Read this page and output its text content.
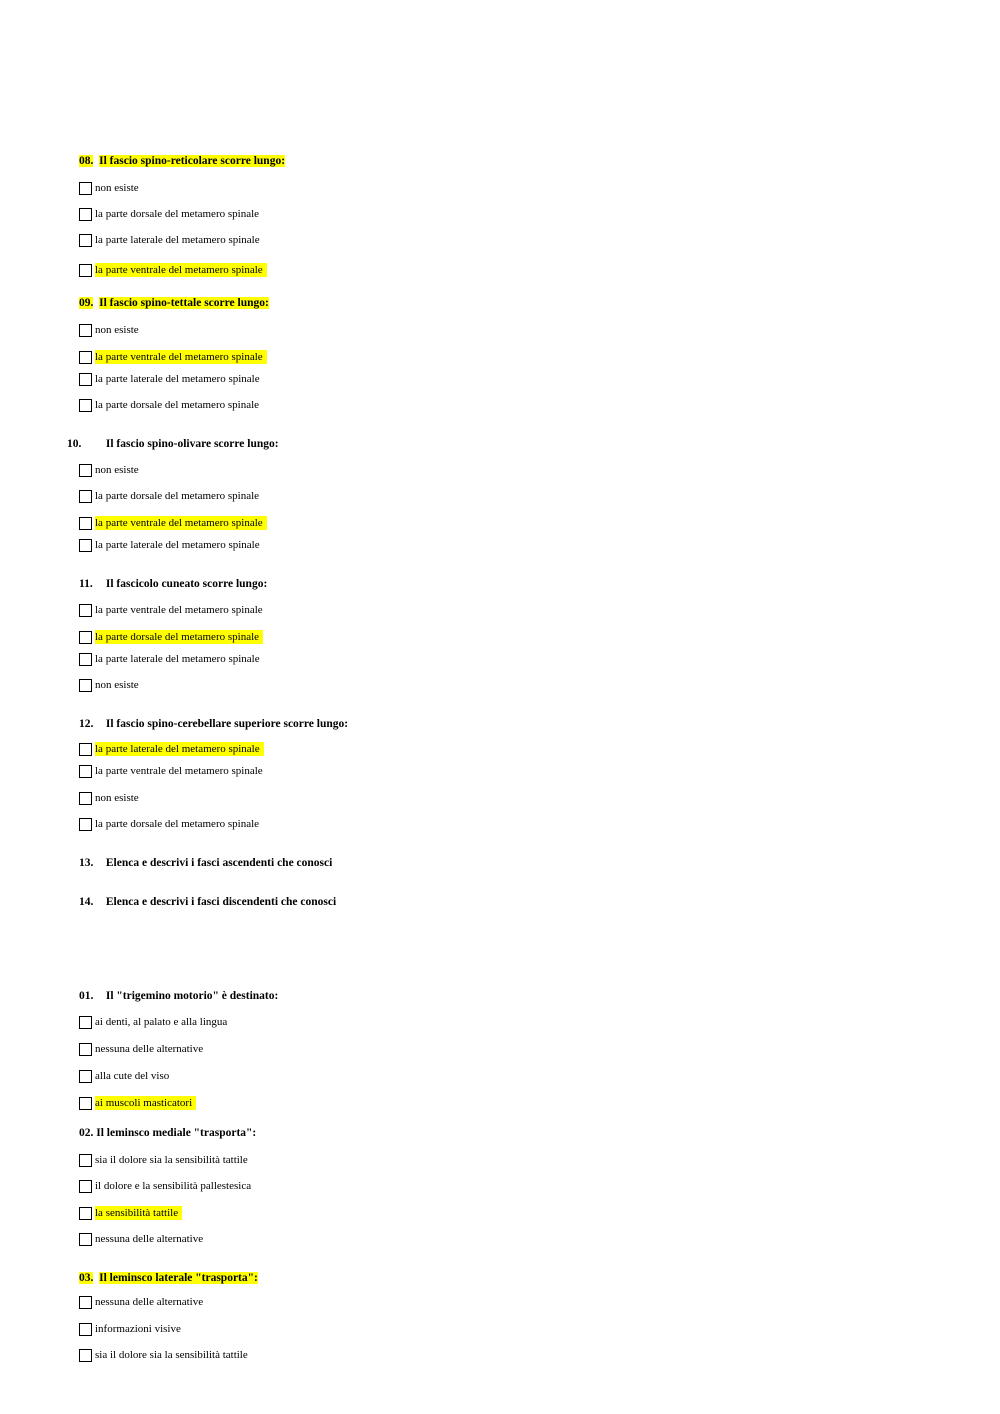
08. Il fascio spino-reticolare scorre lungo:
non esiste
la parte dorsale del metamero spinale
la parte laterale del metamero spinale
la parte ventrale del metamero spinale
09. Il fascio spino-tettale scorre lungo:
non esiste
la parte ventrale del metamero spinale
la parte laterale del metamero spinale
la parte dorsale del metamero spinale
10. Il fascio spino-olivare scorre lungo:
non esiste
la parte dorsale del metamero spinale
la parte ventrale del metamero spinale
la parte laterale del metamero spinale
11. Il fascicolo cuneato scorre lungo:
la parte ventrale del metamero spinale
la parte dorsale del metamero spinale
la parte laterale del metamero spinale
non esiste
12. Il fascio spino-cerebellare superiore scorre lungo:
la parte laterale del metamero spinale
la parte ventrale del metamero spinale
non esiste
la parte dorsale del metamero spinale
13. Elenca e descrivi i fasci ascendenti che conosci
14. Elenca e descrivi i fasci discendenti che conosci
01. Il "trigemino motorio" è destinato:
ai denti, al palato e alla lingua
nessuna delle alternative
alla cute del viso
ai muscoli masticatori
02. Il leminsco mediale "trasporta":
sia il dolore sia la sensibilità tattile
il dolore e la sensibilità pallestesica
la sensibilità tattile
nessuna delle alternative
03. Il leminsco laterale "trasporta":
nessuna delle alternative
informazioni visive
sia il dolore sia la sensibilità tattile
